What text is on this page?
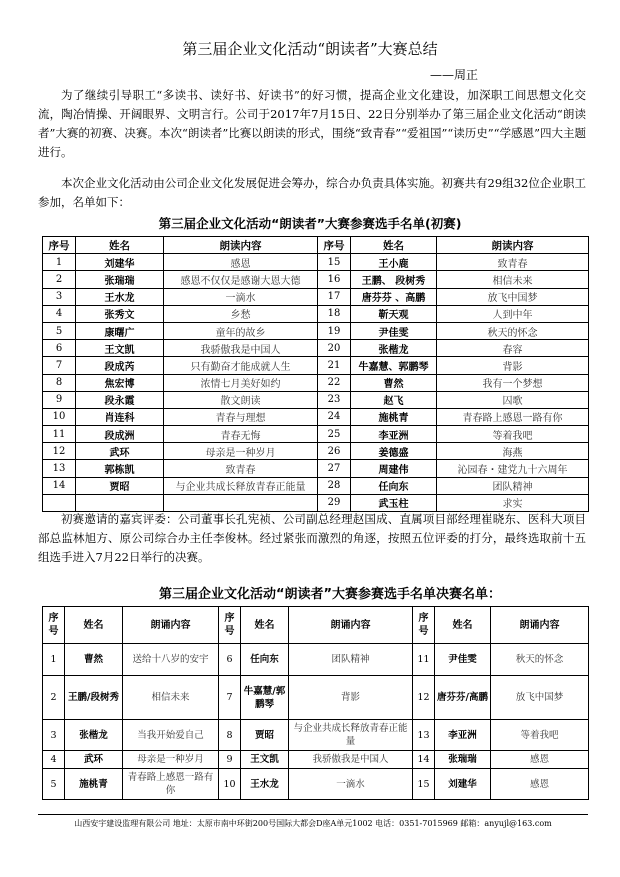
第三届企业文化活动“朗读者”大赛总结
——周正

为了继续引导职工“多读书、读好书、好读书”的好习惯，提高企业文化建设，加深职工间思想文化交流，陶冶情操、开阔眼界、文明言行。公司于2017年7月15日、22日分别举办了第三届企业文化活动“朗读者”大赛的初赛、决赛。本次“朗读者”比赛以朗读的形式，围绕“致青春”“爱祖国”“读历史”“学感恩”四大主题进行。

本次企业文化活动由公司企业文化发展促进会筹办，综合办负责具体实施。初赛共有29组32位企业职工参加，名单如下：

第三届企业文化活动“朗读者”大赛参赛选手名单(初赛)
序号	姓名	朗读内容	序号	姓名	朗读内容
1	刘建华	感恩	15	王小鹿	致青春
2	张瑞瑞	感恩不仅仅是感谢大恩大德	16	王鹏、 段树秀	相信未来
3	王水龙	一滴水	17	唐芬芬 、高鹏	放飞中国梦
4	张秀文	乡愁	18	靳天观	人到中年
5	康曙广	童年的故乡	19	尹佳雯	秋天的怀念
6	王文凯	我骄傲我是中国人	20	张楷龙	春容
7	段成芮	只有勤奋才能成就人生	21	牛嘉慧、郭鹏琴	背影
8	焦宏博	浓情七月美好如约	22	曹然	我有一个梦想
9	段永霞	散文朗读	23	赵飞	囚歌
10	肖连科	青春与理想	24	施桃青	青春路上感恩一路有你
11	段成洲	青春无悔	25	李亚洲	等着我吧
12	武环	母亲是一种岁月	26	姜德盛	海燕
13	郭栋凯	致青春	27	周建伟	沁园春・建党九十六周年
14	贾昭	与企业共成长释放青春正能量	28	任向东	团队精神
			29	武玉柱	求实

初赛邀请的嘉宾评委：公司董事长孔宪祯、公司副总经理赵国成、直属项目部经理崔晓东、医科大项目部总监林旭方、原公司综合办主任李俊林。经过紧张而激烈的角逐，按照五位评委的打分，最终选取前十五组选手进入7月22日举行的决赛。

第三届企业文化活动“朗读者”大赛参赛选手名单决赛名单：
序号	姓名	朗诵内容	序号	姓名	朗诵内容	序号	姓名	朗诵内容
1	曹然	送给十八岁的安宇	6	任向东	团队精神	11	尹佳雯	秋天的怀念
2	王鹏/段树秀	相信未来	7	牛嘉慧/郭鹏琴	背影	12	唐芬芬/高鹏	放飞中国梦
3	张楷龙	当我开始爱自己	8	贾昭	与企业共成长释放青春正能量	13	李亚洲	等着我吧
4	武环	母亲是一种岁月	9	王文凯	我骄傲我是中国人	14	张瑞瑞	感恩
5	施桃青	青春路上感恩一路有你	10	王水龙	一滴水	15	刘建华	感恩
山西安宇建设监理有限公司 地址：太原市南中环街200号国际大都会D座A单元1002 电话：0351-7015969 邮箱：anyujl@163.com
